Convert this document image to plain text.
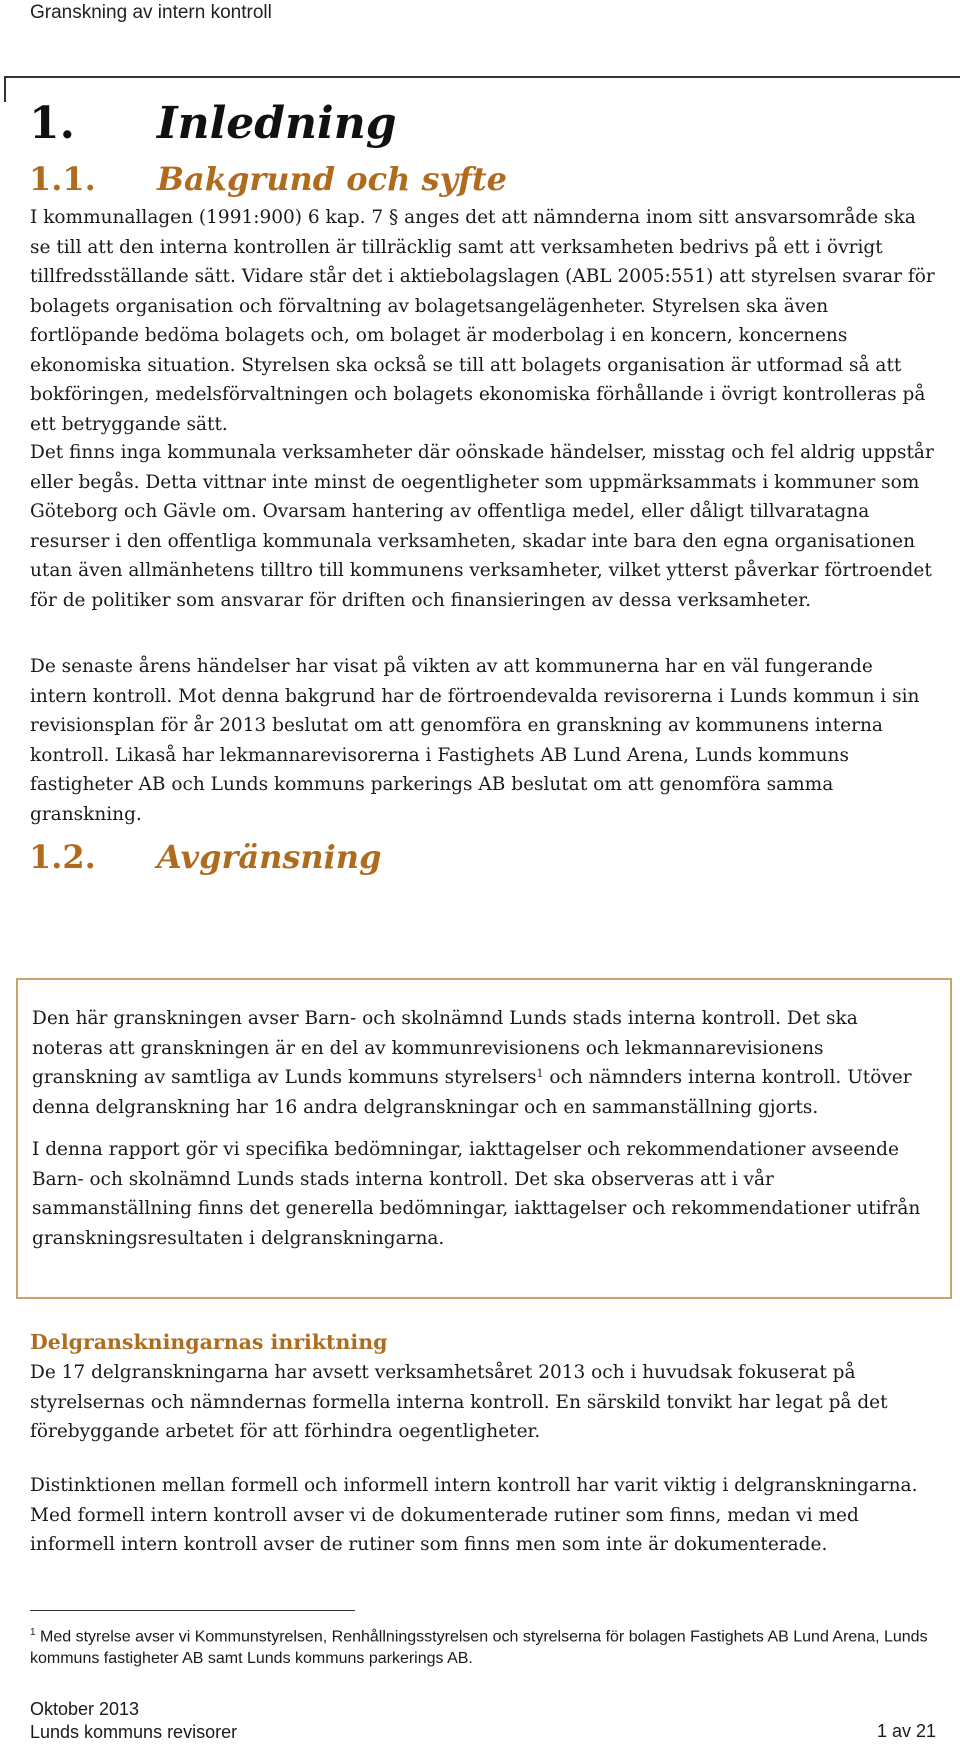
Granskning av intern kontroll
1. Inledning
1.1. Bakgrund och syfte

I kommunallagen (1991:900) 6 kap. 7 § anges det att nämnderna inom sitt ansvarsområde ska se till att den interna kontrollen är tillräcklig samt att verksamheten bedrivs på ett i övrigt tillfredsställande sätt. Vidare står det i aktiebolagslagen (ABL 2005:551) att styrelsen svarar för bolagets organisation och förvaltning av bolagetsangelägenheter. Styrelsen ska även fortlöpande bedöma bolagets och, om bolaget är moderbolag i en koncern, koncernens ekonomiska situation. Styrelsen ska också se till att bolagets organisation är utformad så att bokföringen, medelsförvaltningen och bolagets ekonomiska förhållande i övrigt kontrolleras på ett betryggande sätt.

Det finns inga kommunala verksamheter där oönskade händelser, misstag och fel aldrig uppstår eller begås. Detta vittnar inte minst de oegentligheter som uppmärksammats i kommuner som Göteborg och Gävle om. Ovarsam hantering av offentliga medel, eller dåligt tillvaratagna resurser i den offentliga kommunala verksamheten, skadar inte bara den egna organisationen utan även allmänhetens tilltro till kommunens verksamheter, vilket ytterst påverkar förtroendet för de politiker som ansvarar för driften och finansieringen av dessa verksamheter.

De senaste årens händelser har visat på vikten av att kommunerna har en väl fungerande intern kontroll. Mot denna bakgrund har de förtroendevalda revisorerna i Lunds kommun i sin revisionsplan för år 2013 beslutat om att genomföra en granskning av kommunens interna kontroll. Likaså har lekmannarevisorerna i Fastighets AB Lund Arena, Lunds kommuns fastigheter AB och Lunds kommuns parkerings AB beslutat om att genomföra samma granskning.

1.2. Avgränsning

Den här granskningen avser Barn- och skolnämnd Lunds stads interna kontroll. Det ska noteras att granskningen är en del av kommunrevisionens och lekmannarevisionens granskning av samtliga av Lunds kommuns styrelsers$^1$ och nämnders interna kontroll. Utöver denna delgranskning har 16 andra delgranskningar och en sammanställning gjorts.

I denna rapport gör vi specifika bedömningar, iakttagelser och rekommendationer avseende Barn- och skolnämnd Lunds stads interna kontroll. Det ska observeras att i vår sammanställning finns det generella bedömningar, iakttagelser och rekommendationer utifrån granskningsresultaten i delgranskningarna.

Delgranskningarnas inriktning

De 17 delgranskningarna har avsett verksamhetsåret 2013 och i huvudsak fokuserat på styrelsernas och nämndernas formella interna kontroll. En särskild tonvikt har legat på det förebyggande arbetet för att förhindra oegentligheter.

Distinktionen mellan formell och informell intern kontroll har varit viktig i delgranskningarna. Med formell intern kontroll avser vi de dokumenterade rutiner som finns, medan vi med informell intern kontroll avser de rutiner som finns men som inte är dokumenterade.

$^1$ Med styrelse avser vi Kommunstyrelsen, Renhållningsstyrelsen och styrelserna för bolagen Fastighets AB Lund Arena, Lunds kommuns fastigheter AB samt Lunds kommuns parkerings AB.

Oktober 2013
Lunds kommuns revisorer	1 av 21
